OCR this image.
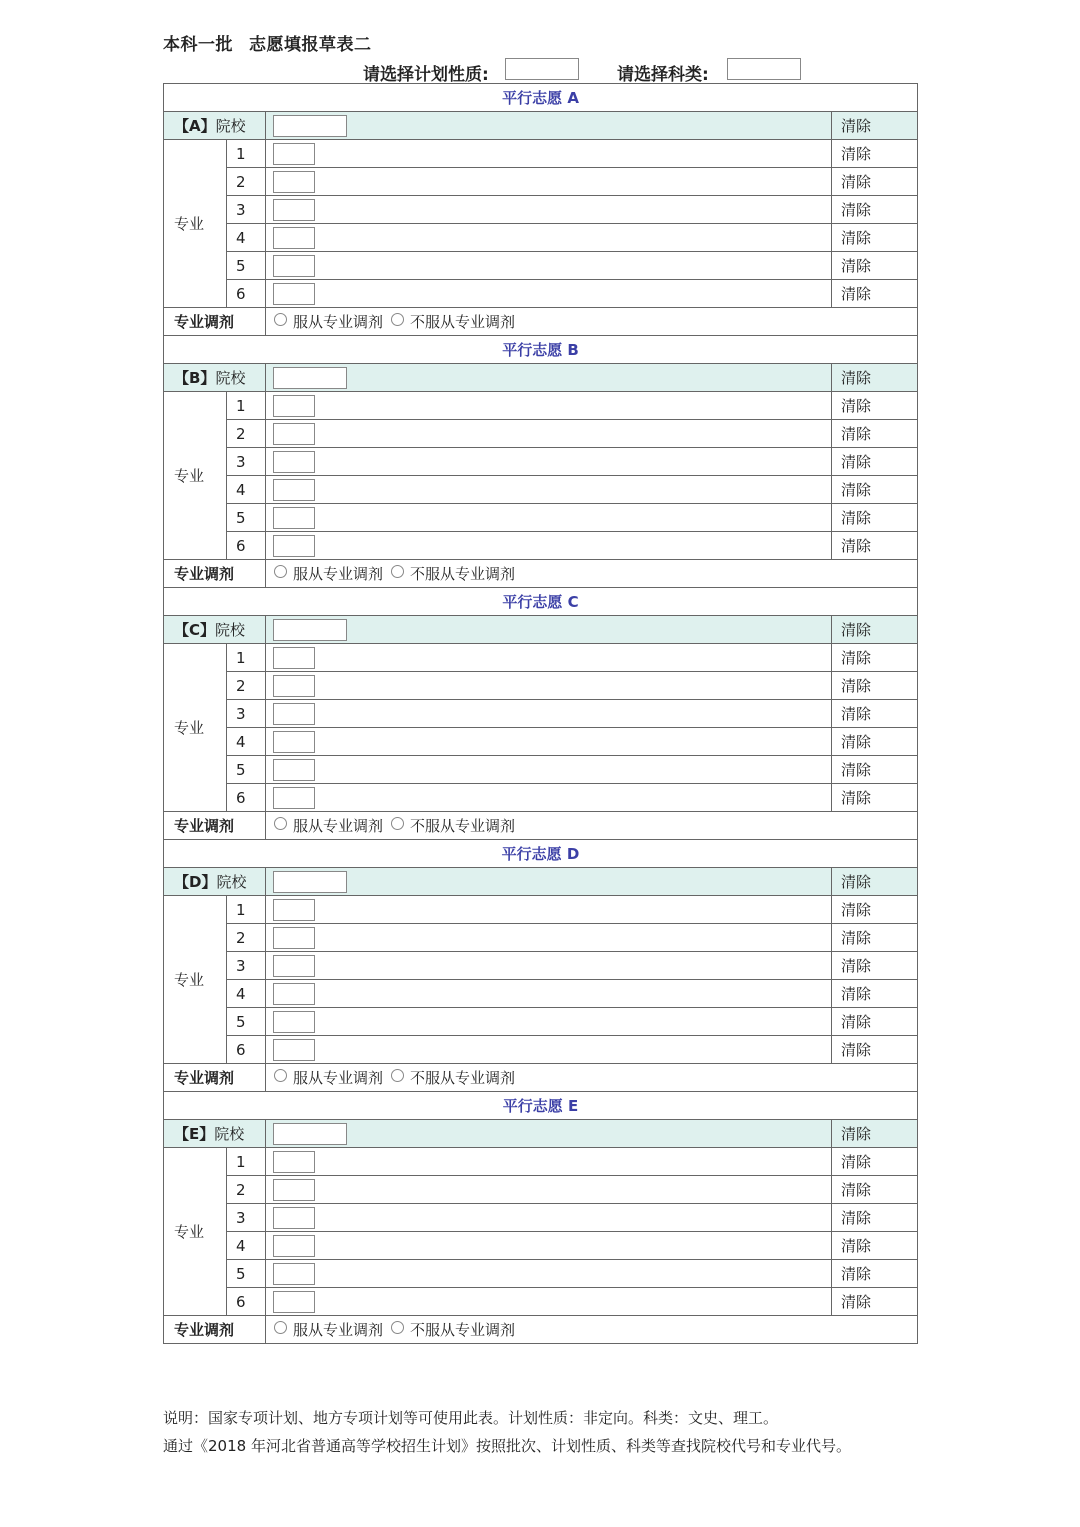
本科一批 志愿填报草表二
请选择计划性质:	请选择科类:
平行志愿 A			
【A】院校			清除
专业	1		清除
	2		清除
	3		清除
	4		清除
	5		清除
	6		清除
专业调剂		服从专业调剂 不服从专业调剂	
平行志愿 B			
【B】院校			清除
专业	1		清除
	2		清除
	3		清除
	4		清除
	5		清除
	6		清除
专业调剂		服从专业调剂 不服从专业调剂	
平行志愿 C			
【C】院校			清除
专业	1		清除
	2		清除
	3		清除
	4		清除
	5		清除
	6		清除
专业调剂		服从专业调剂 不服从专业调剂	
平行志愿 D			
【D】院校			清除
专业	1		清除
	2		清除
	3		清除
	4		清除
	5		清除
	6		清除
专业调剂		服从专业调剂 不服从专业调剂	
平行志愿 E			
【E】院校			清除
专业	1		清除
	2		清除
	3		清除
	4		清除
	5		清除
	6		清除
专业调剂		服从专业调剂 不服从专业调剂	
说明：国家专项计划、地方专项计划等可使用此表。计划性质：非定向。科类：文史、理工。
通过《2018 年河北省普通高等学校招生计划》按照批次、计划性质、科类等查找院校代号和专业代号。
